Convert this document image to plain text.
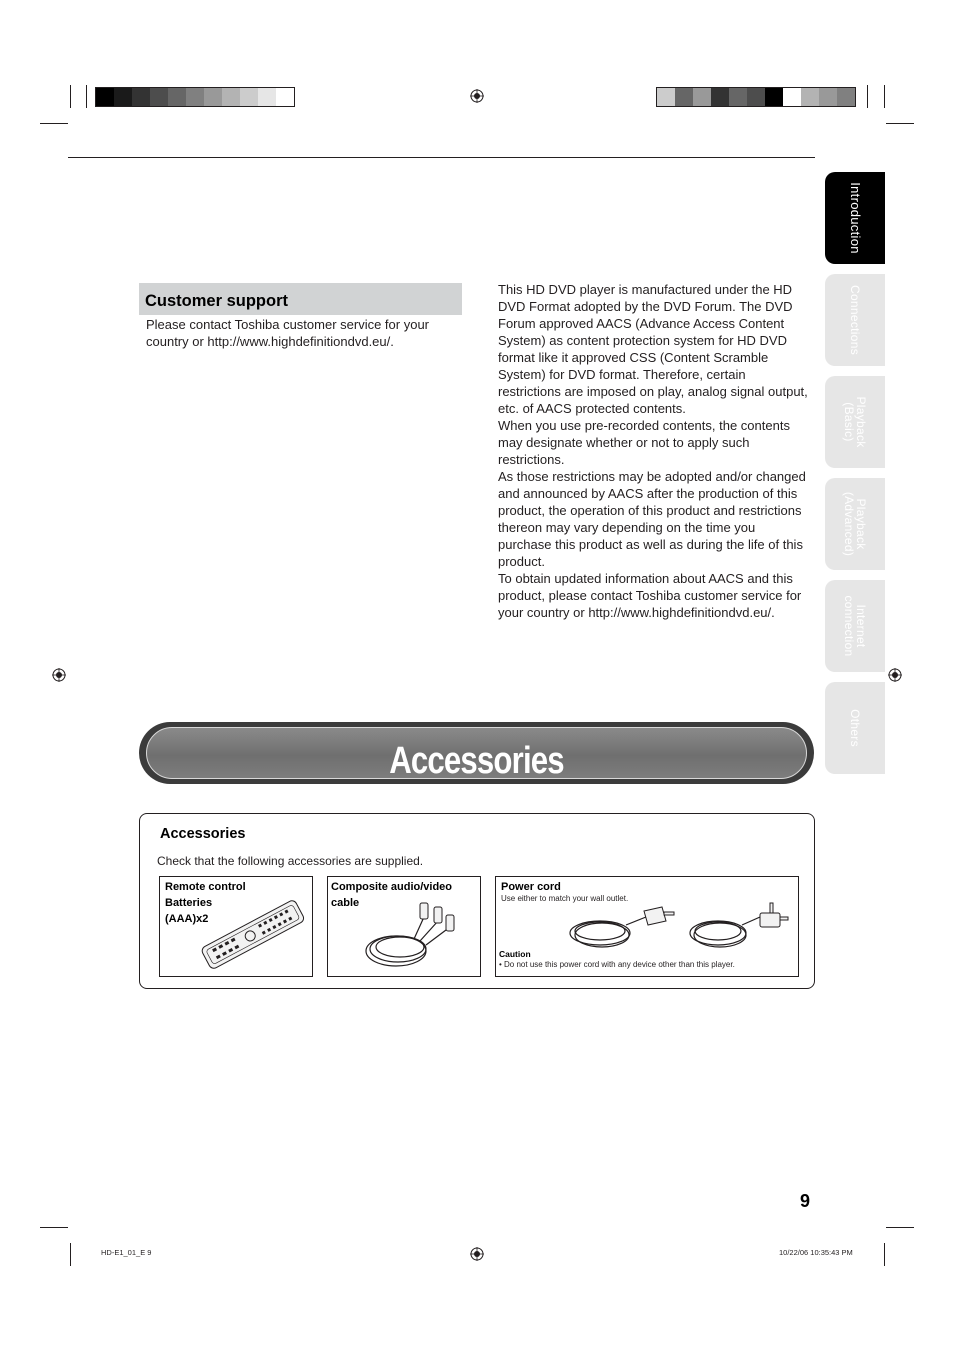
Introduction
Connections
Playback
(Basic)
Playback
(Advanced)
Internet
connection
Others
Customer support
Please contact Toshiba customer service for your country or http://www.highdefinitiondvd.eu/.
This HD DVD player is manufactured under the HD DVD Format adopted by the DVD Forum. The DVD Forum approved AACS (Advance Access Content System) as content protection system for HD DVD format like it approved CSS (Content Scramble System) for DVD format. Therefore, certain restrictions are imposed on play, analog signal output, etc. of AACS protected contents.
When you use pre-recorded contents, the contents may designate whether or not to apply such restrictions.
As those restrictions may be adopted and/or changed and announced by AACS after the production of this product, the operation of this product and restrictions thereon may vary depending on the time you purchase this product as well as during the life of this product.
To obtain updated information about AACS and this product, please contact Toshiba customer service for your country or http://www.highdefinitiondvd.eu/.
Accessories
Accessories
Check that the following accessories are supplied.
Remote control
Batteries
(AAA)x2
Composite audio/video
cable
Power cord
Use either to match your wall outlet.
Caution
• Do not use this power cord with any device other than this player.
9
HD-E1_01_E 9	10/22/06 10:35:43 PM
